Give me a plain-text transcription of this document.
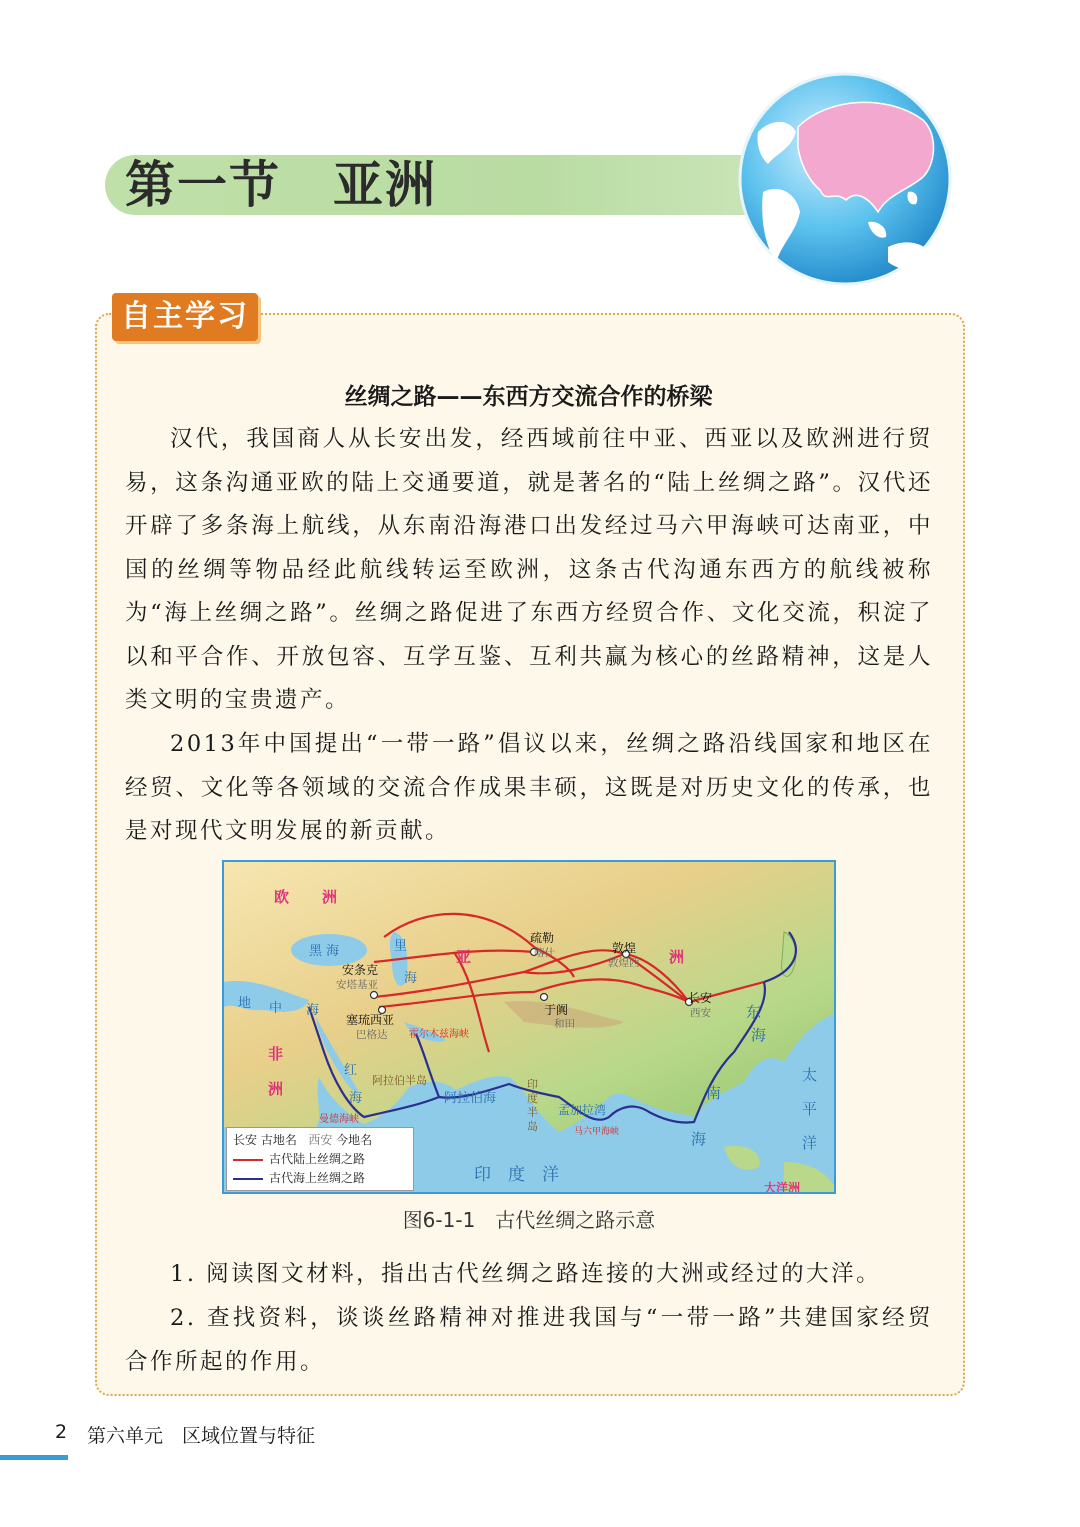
第一节　亚洲
自主学习
丝绸之路——东西方交流合作的桥梁

汉代，我国商人从长安出发，经西域前往中亚、西亚以及欧洲进行贸易，这条沟通亚欧的陆上交通要道，就是著名的“陆上丝绸之路”。汉代还开辟了多条海上航线，从东南沿海港口出发经过马六甲海峡可达南亚，中国的丝绸等物品经此航线转运至欧洲，这条古代沟通东西方的航线被称为“海上丝绸之路”。丝绸之路促进了东西方经贸合作、文化交流，积淀了以和平合作、开放包容、互学互鉴、互利共赢为核心的丝路精神，这是人类文明的宝贵遗产。

2013年中国提出“一带一路”倡议以来，丝绸之路沿线国家和地区在经贸、文化等各领域的交流合作成果丰硕，这既是对历史文化的传承，也是对现代文明发展的新贡献。

欧 洲
亚	洲
非
洲
大洋洲
黑 海	里
海
地 中 海
红
海	阿拉伯海
孟加拉湾
印　度　洋
南
海
东
海
太
平
洋
霍尔木兹海峡
曼德海峡
马六甲海峡
阿拉伯半岛	印
度
半
岛
安条克
塞琉西亚
疏勒
于阗
敦煌
长安
安塔基亚
巴格达
喀什
和田
敦煌西
西安
长安 古地名 西安 今地名
古代陆上丝绸之路
古代海上丝绸之路
图6-1-1　古代丝绸之路示意

1. 阅读图文材料，指出古代丝绸之路连接的大洲或经过的大洋。

2. 查找资料，谈谈丝路精神对推进我国与“一带一路”共建国家经贸合作所起的作用。

2 第六单元　区域位置与特征
